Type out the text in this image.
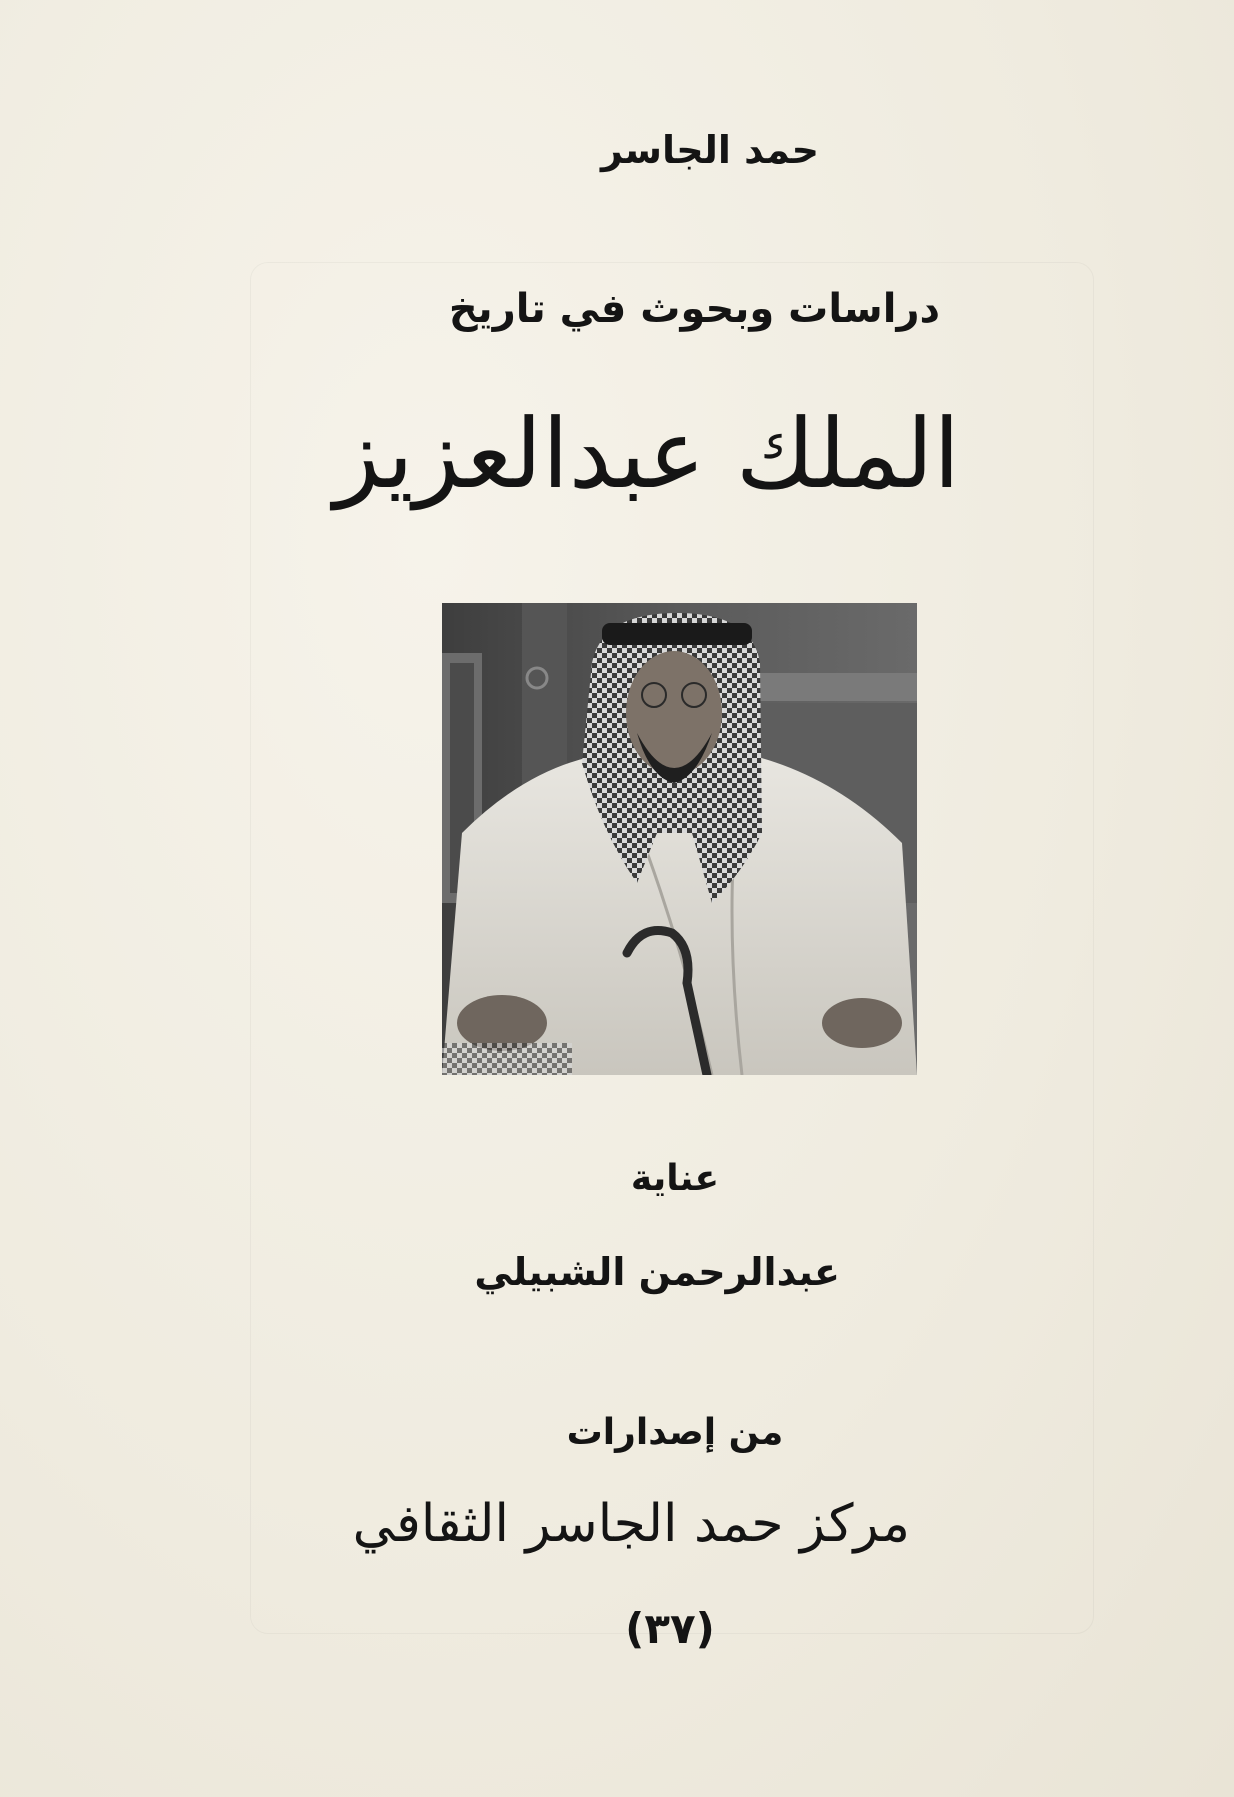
حمد الجاسر
دراسات وبحوث في تاريخ
الملك عبدالعزيز
عناية
عبدالرحمن الشبيلي
من إصدارات
مركز حمد الجاسر الثقافي
(٣٧)
